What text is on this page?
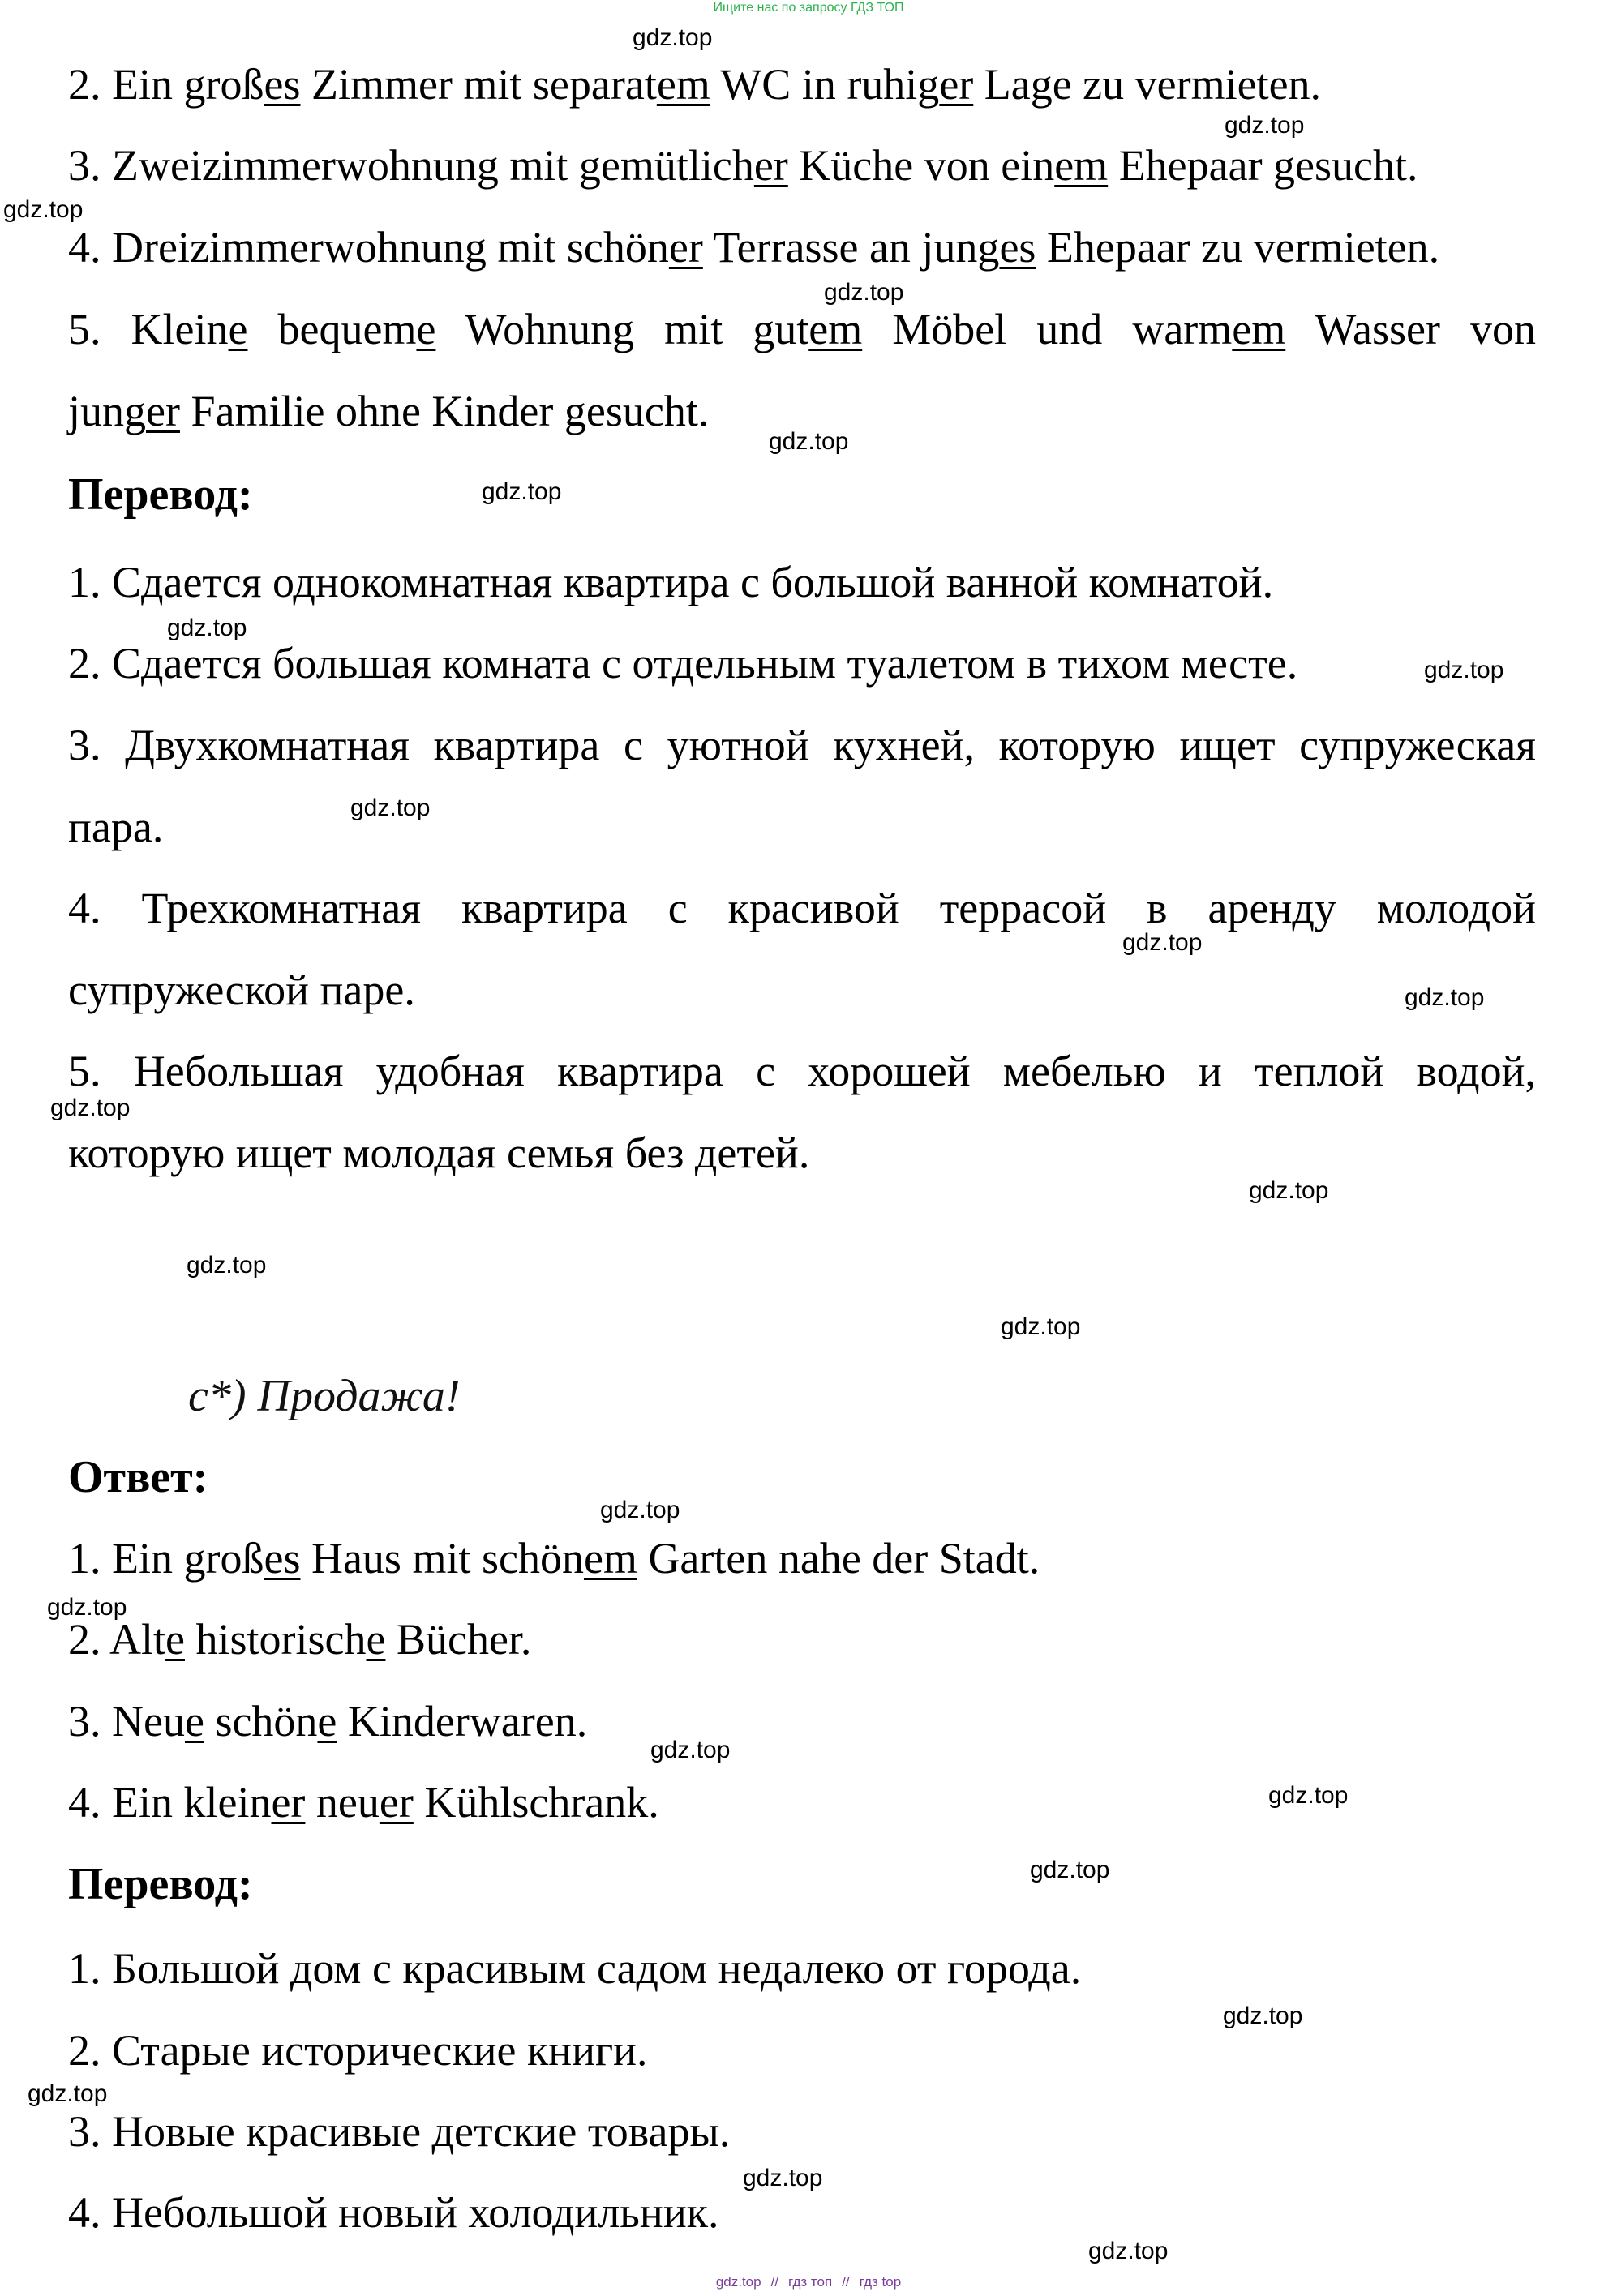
Ищите нас по запросу ГДЗ ТОП
2. Ein großes Zimmer mit separatem WC in ruhiger Lage zu vermieten.
3. Zweizimmerwohnung mit gemütlicher Küche von einem Ehepaar gesucht.
4. Dreizimmerwohnung mit schöner Terrasse an junges Ehepaar zu vermieten.
5. Kleine bequeme Wohnung mit gutem Möbel und warmem Wasser von
junger Familie ohne Kinder gesucht.
Перевод:
1. Сдается однокомнатная квартира с большой ванной комнатой.
2. Сдается большая комната с отдельным туалетом в тихом месте.
3. Двухкомнатная квартира с уютной кухней, которую ищет супружеская
пара.
4. Трехкомнатная квартира с красивой террасой в аренду молодой
супружеской паре.
5. Небольшая удобная квартира с хорошей мебелью и теплой водой,
которую ищет молодая семья без детей.
с*) Продажа!
Ответ:
1. Ein großes Haus mit schönem Garten nahe der Stadt.
2. Alte historische Bücher.
3. Neue schöne Kinderwaren.
4. Ein kleiner neuer Kühlschrank.
Перевод:
1. Большой дом с красивым садом недалеко от города.
2. Старые исторические книги.
3. Новые красивые детские товары.
4. Небольшой новый холодильник.
gdz.top
gdz.top
gdz.top
gdz.top
gdz.top
gdz.top
gdz.top
gdz.top
gdz.top
gdz.top
gdz.top
gdz.top
gdz.top
gdz.top
gdz.top
gdz.top
gdz.top
gdz.top
gdz.top
gdz.top
gdz.top
gdz.top
gdz.top
gdz.top
gdz.top // гдз топ // гдз top
